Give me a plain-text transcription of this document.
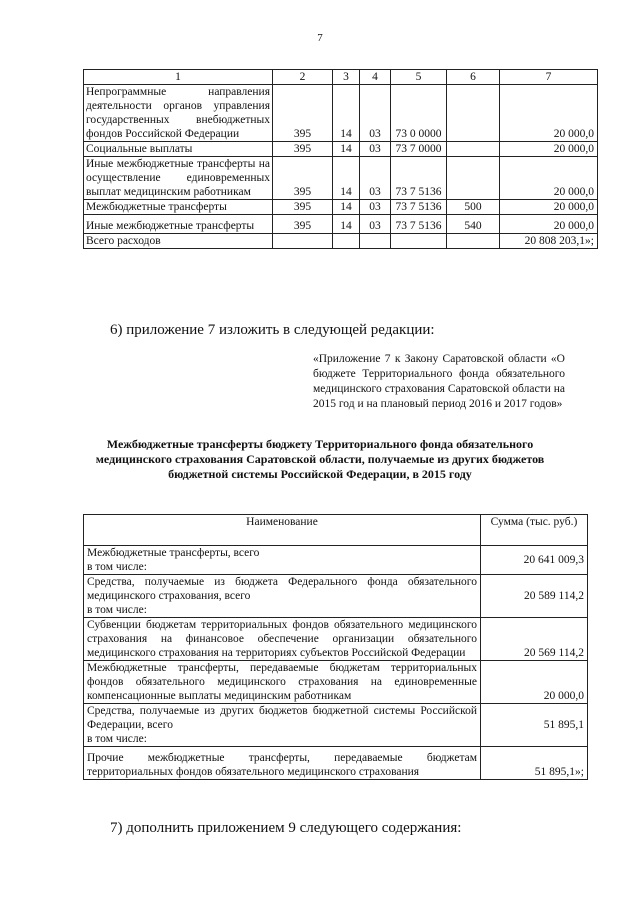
7
1	2	3	4	5	6	7
Непрограммные направления деятельности органов управления государственных внебюджетных фондов Российской Федерации	395	14	03	73 0 0000		20 000,0
Социальные выплаты	395	14	03	73 7 0000		20 000,0
Иные межбюджетные трансферты на осуществление единовременных выплат медицинским работникам	395	14	03	73 7 5136		20 000,0
Межбюджетные трансферты	395	14	03	73 7 5136	500	20 000,0
Иные межбюджетные трансферты	395	14	03	73 7 5136	540	20 000,0
Всего расходов						20 808 203,1»;
6) приложение 7 изложить в следующей редакции:
«Приложение 7 к Закону Саратовской области «О бюджете Территориального фонда обязательного медицинского страхования Саратовской области на 2015 год и на плановый период 2016 и 2017 годов»
Межбюджетные трансферты бюджету Территориального фонда обязательного медицинского страхования Саратовской области, получаемые из других бюджетов бюджетной системы Российской Федерации, в 2015 году
Наименование	Сумма (тыс. руб.)

Межбюджетные трансферты, всего
в том числе:	20 641 009,3

Средства, получаемые из бюджета Федерального фонда обязательного медицинского страхования, всего
в том числе:	20 589 114,2
Субвенции бюджетам территориальных фондов обязательного медицинского страхования на финансовое обеспечение организации обязательного медицинского страхования на территориях субъектов Российской Федерации	20 569 114,2
Межбюджетные трансферты, передаваемые бюджетам территориальных фондов обязательного медицинского страхования на единовременные компенсационные выплаты медицинским работникам	20 000,0

Средства, получаемые из других бюджетов бюджетной системы Российской Федерации, всего
в том числе:	51 895,1
Прочие межбюджетные трансферты, передаваемые бюджетам территориальных фондов обязательного медицинского страхования	51 895,1»;
7) дополнить приложением 9 следующего содержания:
